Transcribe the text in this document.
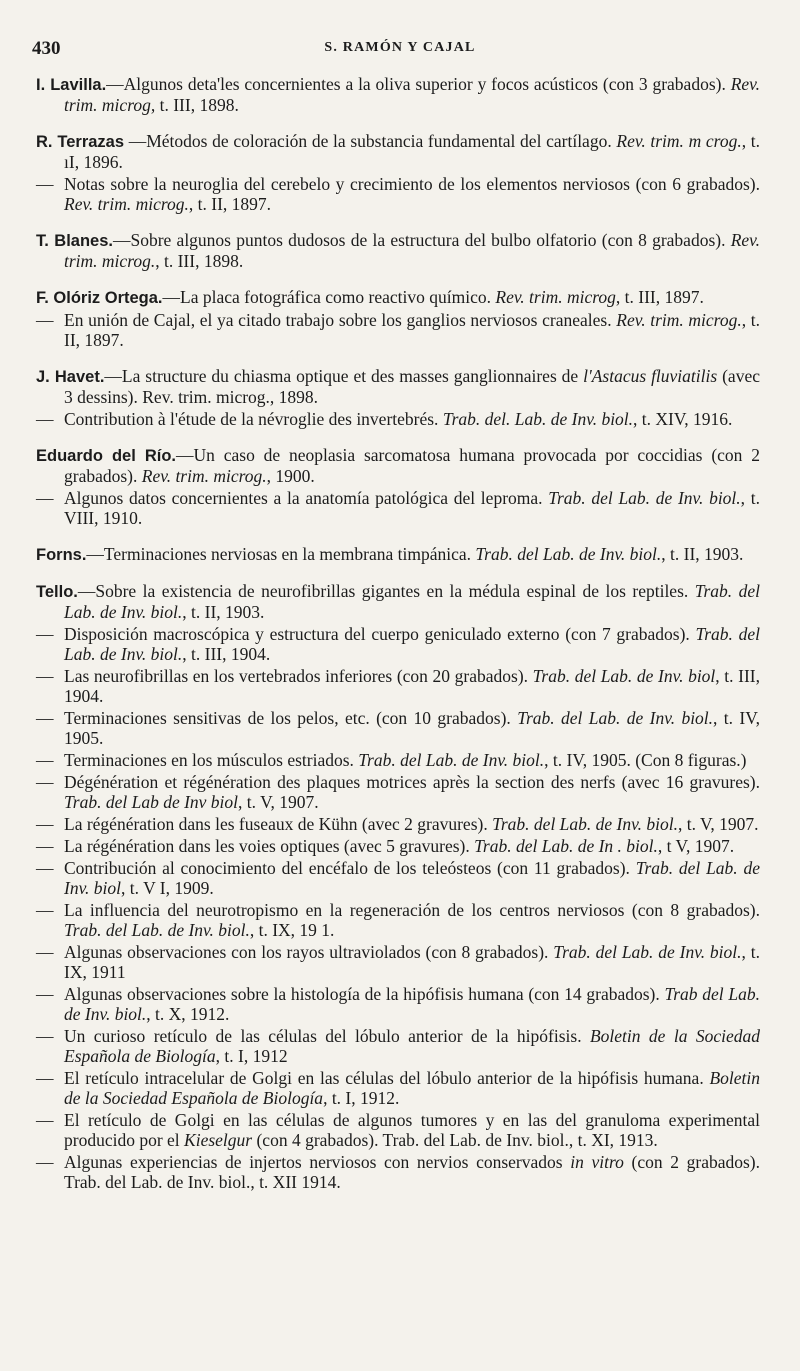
430	S. RAMÓN Y CAJAL

I. Lavilla.—Algunos deta'les concernientes a la oliva superior y focos acústicos (con 3 grabados). Rev. trim. microg, t. III, 1898.

R. Terrazas —Métodos de coloración de la substancia fundamental del cartílago. Rev. trim. m crog., t. ıI, 1896.

— Notas sobre la neuroglia del cerebelo y crecimiento de los elementos nerviosos (con 6 grabados). Rev. trim. microg., t. II, 1897.

T. Blanes.—Sobre algunos puntos dudosos de la estructura del bulbo olfatorio (con 8 grabados). Rev. trim. microg., t. III, 1898.

F. Olóriz Ortega.—La placa fotográfica como reactivo químico. Rev. trim. microg, t. III, 1897.

— En unión de Cajal, el ya citado trabajo sobre los ganglios nerviosos craneales. Rev. trim. microg., t. II, 1897.

J. Havet.—La structure du chiasma optique et des masses ganglionnaires de l'Astacus fluviatilis (avec 3 dessins). Rev. trim. microg., 1898.

— Contribution à l'étude de la névroglie des invertebrés. Trab. del. Lab. de Inv. biol., t. XIV, 1916.

Eduardo del Río.—Un caso de neoplasia sarcomatosa humana provocada por coccidias (con 2 grabados). Rev. trim. microg., 1900.

— Algunos datos concernientes a la anatomía patológica del leproma. Trab. del Lab. de Inv. biol., t. VIII, 1910.

Forns.—Terminaciones nerviosas en la membrana timpánica. Trab. del Lab. de Inv. biol., t. II, 1903.

Tello.—Sobre la existencia de neurofibrillas gigantes en la médula espinal de los reptiles. Trab. del Lab. de Inv. biol., t. II, 1903.

— Disposición macroscópica y estructura del cuerpo geniculado externo (con 7 grabados). Trab. del Lab. de Inv. biol., t. III, 1904.

— Las neurofibrillas en los vertebrados inferiores (con 20 grabados). Trab. del Lab. de Inv. biol, t. III, 1904.

— Terminaciones sensitivas de los pelos, etc. (con 10 grabados). Trab. del Lab. de Inv. biol., t. IV, 1905.

— Terminaciones en los músculos estriados. Trab. del Lab. de Inv. biol., t. IV, 1905. (Con 8 figuras.)

— Dégénération et régénération des plaques motrices après la section des nerfs (avec 16 gravures). Trab. del Lab de Inv biol, t. V, 1907.

— La régénération dans les fuseaux de Kühn (avec 2 gravures). Trab. del Lab. de Inv. biol., t. V, 1907.

— La régénération dans les voies optiques (avec 5 gravures). Trab. del Lab. de In . biol., t V, 1907.

— Contribución al conocimiento del encéfalo de los teleósteos (con 11 grabados). Trab. del Lab. de Inv. biol, t. V I, 1909.

— La influencia del neurotropismo en la regeneración de los centros nerviosos (con 8 grabados). Trab. del Lab. de Inv. biol., t. IX, 19 1.

— Algunas observaciones con los rayos ultraviolados (con 8 grabados). Trab. del Lab. de Inv. biol., t. IX, 1911

— Algunas observaciones sobre la histología de la hipófisis humana (con 14 grabados). Trab del Lab. de Inv. biol., t. X, 1912.

— Un curioso retículo de las células del lóbulo anterior de la hipófisis. Boletin de la Sociedad Española de Biología, t. I, 1912

— El retículo intracelular de Golgi en las células del lóbulo anterior de la hipófisis humana. Boletin de la Sociedad Española de Biología, t. I, 1912.

— El retículo de Golgi en las células de algunos tumores y en las del granuloma experimental producido por el Kieselgur (con 4 grabados). Trab. del Lab. de Inv. biol., t. XI, 1913.

— Algunas experiencias de injertos nerviosos con nervios conservados in vitro (con 2 grabados). Trab. del Lab. de Inv. biol., t. XII 1914.
